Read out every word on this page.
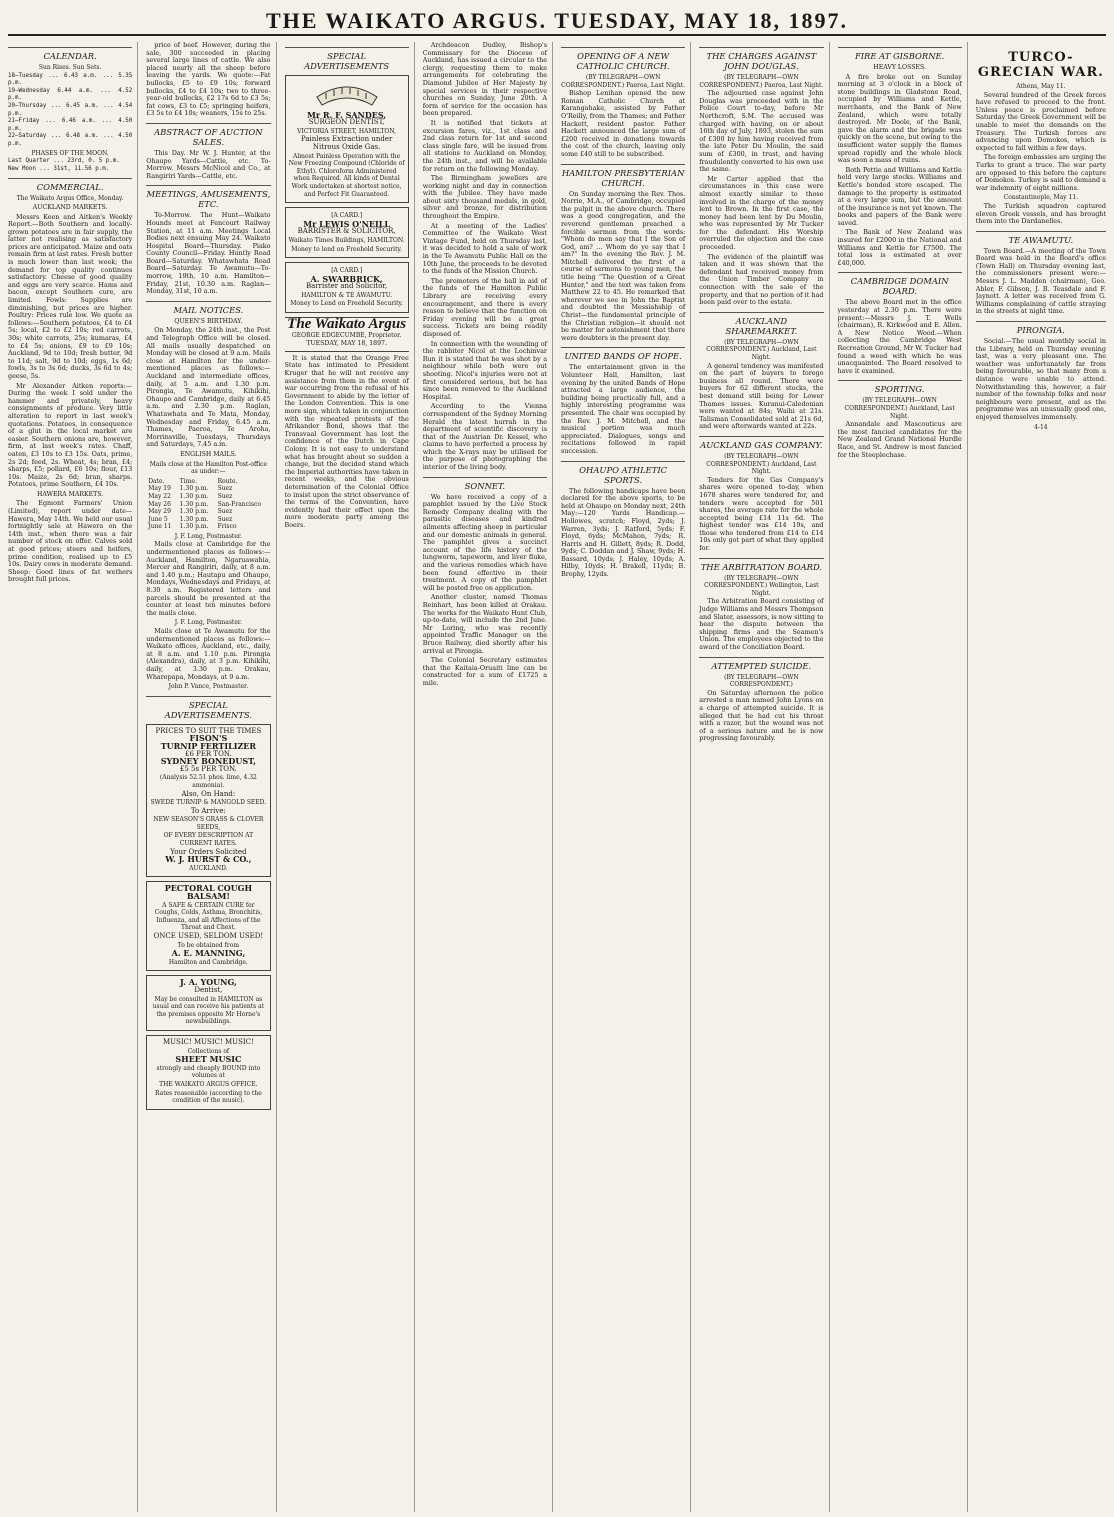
THE WAIKATO ARGUS. TUESDAY, MAY 18, 1897.
CALENDAR.
Sun Rises. Sun Sets.
18—Tuesday ... 6.43 a.m. ... 5.35 p.m.
19—Wednesday 6.44 a.m. ... 4.52 p.m.
20—Thursday ... 6.45 a.m. ... 4.54 p.m.
21—Friday ... 6.46 a.m. ... 4.50 p.m.
22—Saturday ... 6.48 a.m. ... 4.50 p.m.
PHASES OF THE MOON.
Last Quarter ... 23rd, 0. 5 p.m.
New Moon ... 31st, 11.56 p.m.
COMMERCIAL.
The Waikato Argus Office, Monday.
AUCKLAND MARKETS.

Messrs Keen and Aitken's Weekly Report.—Both Southern and locally-grown potatoes are in fair supply, the latter not realising as satisfactory prices are anticipated. Maize and oats remain firm at last rates. Fresh butter is much lower than last week; the demand for top quality continues satisfactory. Cheese of good quality and eggs are very scarce. Hams and bacon, except Southern cure, are limited. Fowls: Supplies are diminishing, but prices are higher. Poultry: Prices rule low. We quote as follows:—Southern potatoes, £4 to £4 5s; local, £2 to £2 10s; red carrots, 30s; white carrots, 25s; kumaras, £4 to £4 5s; onions, £9 to £9 10s; Auckland, 9d to 10d; fresh butter, 9d to 11d; salt, 9d to 10d; eggs, 1s 6d; fowls, 3s to 3s 6d; ducks, 3s 6d to 4s; geese, 5s.

Mr Alexander Aitken reports:—During the week I sold under the hammer and privately, heavy consignments of produce. Very little alteration to report in last week's quotations. Potatoes, in consequence of a glut in the local market are easier. Southern onions are, however, firm, at last week's rates. Chaff, oaten, £3 10s to £3 15s. Oats, prime, 2s 2d; feed, 2s. Wheat, 4s; bran, £4; sharps, £5; pollard, £6 10s; flour, £13 10s. Maize, 2s 6d; bran, sharps. Potatoes, prime Southern, £4 10s.

HAWERA MARKETS.

The Egmont Farmers' Union (Limited), report under date—Hawera, May 14th. We held our usual fortnightly sale at Hawera on the 14th inst., when there was a fair number of stock on offer. Calves sold at good prices; steers and heifers, prime condition, realised up to £5 10s. Dairy cows in moderate demand. Sheep: Good lines of fat wethers brought full prices.

price of beef. However, during the sale, 300 succeeded in placing several large lines of cattle. We also placed nearly all the sheep before leaving the yards. We quote:—Fat bullocks, £5 to £9 10s; forward bullocks, £4 to £4 10s; two to three-year-old bullocks, £2 17s 6d to £3 5s; fat cows, £3 to £5; springing heifers, £3 5s to £4 10s; weaners, 15s to 25s.

ABSTRACT OF AUCTION SALES.

This Day. Mr W. J. Hunter, at the Ohaupo Yards—Cattle, etc. To-Morrow. Messrs McNicol and Co., at Rangiriri Yards—Cattle, etc.

MEETINGS, AMUSEMENTS, ETC.

To-Morrow. The Hunt—Waikato Hounds meet at Fencourt Railway Station, at 11 a.m. Meetings Local Bodies next ensuing May 24. Waikato Hospital Board—Thursday. Piako County Council—Friday. Huntly Road Board—Saturday. Whatawhata Road Board—Saturday. Te Awamutu—To-morrow, 19th, 10 a.m. Hamilton—Friday, 21st, 10.30 a.m. Raglan—Monday, 31st, 10 a.m.

MAIL NOTICES.
QUEEN'S BIRTHDAY.

On Monday, the 24th inst., the Post and Telegraph Office will be closed. All mails usually despatched on Monday will be closed at 9 a.m. Mails close at Hamilton for the under-mentioned places as follows:—Auckland and intermediate offices, daily, at 5 a.m. and 1.30 p.m. Pirongia, Te Awamutu, Kihikihi, Ohaupo and Cambridge, daily at 6.45 a.m. and 2.30 p.m. Raglan, Whatawhata and Te Mata, Monday, Wednesday and Friday, 6.45 a.m. Thames, Paeroa, Te Aroha, Morrinsville, Tuesdays, Thursdays and Saturdays, 7.45 a.m.

ENGLISH MAILS.
Mails close at the Hamilton Post-office as under:—
Date.	Time.	Route.
May 19	1.30 p.m.	Suez
May 22	1.30 p.m.	Suez
May 26	1.30 p.m.	San-Francisco
May 29	1.30 p.m.	Suez
June 5	1.30 p.m.	Suez
June 11	1.30 p.m.	Frisco
J. F. Long, Postmaster.

Mails close at Cambridge for the undermentioned places as follows:—Auckland, Hamilton, Ngaruawahia, Mercer and Rangiriri, daily, at 8 a.m. and 1.40 p.m.; Hautapu and Ohaupo, Mondays, Wednesdays and Fridays, at 8.30 a.m. Registered letters and parcels should be presented at the counter at least ten minutes before the mails close.

J. F. Long, Postmaster.

Mails close at Te Awamutu for the undermentioned places as follows:—Waikato offices, Auckland, etc., daily, at 8 a.m. and 1.10 p.m. Pirongia (Alexandra), daily, at 3 p.m. Kihikihi, daily, at 3.30 p.m. Orakau, Wharepapa, Mondays, at 9 a.m.

John P. Vance, Postmaster.
SPECIAL ADVERTISEMENTS.
PRICES TO SUIT THE TIMES
FISON'S
TURNIP FERTILIZER
£6 PER TON.
SYDNEY BONEDUST,
£5 5s PER TON.
(Analysis 52.51 phos. lime, 4.32 ammonia).
Also, On Hand:
SWEDE TURNIP & MANGOLD SEED.
To Arrive:
NEW SEASON'S GRASS & CLOVER SEEDS,
OF EVERY DESCRIPTION AT CURRENT RATES.
Your Orders Solicited
W. J. HURST & CO.,
AUCKLAND.
PECTORAL COUGH
BALSAM!
A SAFE & CERTAIN CURE for Coughs, Colds, Asthma, Bronchitis, Influenza, and all Affections of the Throat and Chest.
ONCE USED, SELDOM USED!
To be obtained from
A. E. MANNING,
Hamilton and Cambridge.
J. A. YOUNG,
Dentist,
May be consulted in HAMILTON as usual and can receive his patients at the premises opposite Mr Horne's newsbuildings.
MUSIC! MUSIC! MUSIC!
Collections of
SHEET MUSIC
strongly and cheaply BOUND into volumes at
THE WAIKATO ARGUS OFFICE.
Rates reasonable (according to the condition of the music).
SPECIAL ADVERTISEMENTS
Mr R. F. SANDES,
SURGEON DENTIST,
VICTORIA STREET, HAMILTON,
Painless Extraction under Nitrous Oxide Gas.
Almost Painless Operation with the New Freezing Compound (Chloride of Ethyl). Chloroform Administered when Required. All kinds of Dental Work undertaken at shortest notice, and Perfect Fit Guaranteed.
[A CARD.]
Mr LEWIS O'NEILL
BARRISTER & SOLICITOR,
Waikato Times Buildings, HAMILTON.
Money to lend on Freehold Security.
[A CARD.]
A. SWARBRICK,
Barrister and Solicitor,
HAMILTON & TE AWAMUTU.
Money to Lend on Freehold Security.
The Waikato Argus
GEORGE EDGECUMBE, Proprietor.
TUESDAY, MAY 18, 1897.

It is stated that the Orange Free State has intimated to President Kruger that he will not receive any assistance from them in the event of war occurring from the refusal of his Government to abide by the letter of the London Convention. This is one more sign, which taken in conjunction with the repeated protests of the Afrikander Bond, shows that the Transvaal Government has lost the confidence of the Dutch in Cape Colony. It is not easy to understand what has brought about so sudden a change, but the decided stand which the Imperial authorities have taken in recent weeks, and the obvious determination of the Colonial Office to insist upon the strict observance of the terms of the Convention, have evidently had their effect upon the more moderate party among the Boers.

Archdeacon Dudley, Bishop's Commissary for the Diocese of Auckland, has issued a circular to the clergy, requesting them to make arrangements for celebrating the Diamond Jubilee of Her Majesty by special services in their respective churches on Sunday, June 20th. A form of service for the occasion has been prepared.

It is notified that tickets at excursion fares, viz., 1st class and 2nd class return for 1st and second class single fare, will be issued from all stations to Auckland on Monday, the 24th inst., and will be available for return on the following Monday.

The Birmingham jewellers are working night and day in connection with the Jubilee. They have made about sixty thousand medals, in gold, silver and bronze, for distribution throughout the Empire.

At a meeting of the Ladies' Committee of the Waikato West Vintage Fund, held on Thursday last, it was decided to hold a sale of work in the Te Awamutu Public Hall on the 10th June, the proceeds to be devoted to the funds of the Mission Church.

The promoters of the ball in aid of the funds of the Hamilton Public Library are receiving every encouragement, and there is every reason to believe that the function on Friday evening will be a great success. Tickets are being readily disposed of.

In connection with the wounding of the rabbiter Nicol at the Lochinvar Run it is stated that he was shot by a neighbour while both were out shooting. Nicol's injuries were not at first considered serious, but he has since been removed to the Auckland Hospital.

According to the Vienna correspondent of the Sydney Morning Herald the latest hurrah in the department of scientific discovery is that of the Austrian Dr. Kessel, who claims to have perfected a process by which the X-rays may be utilised for the purpose of photographing the interior of the living body.

SONNET.

We have received a copy of a pamphlet issued by the Live Stock Remedy Company dealing with the parasitic diseases and kindred ailments affecting sheep in particular and our domestic animals in general. The pamphlet gives a succinct account of the life history of the lungworm, tapeworm, and liver fluke, and the various remedies which have been found effective in their treatment. A copy of the pamphlet will be posted free on application.

Another cluster, named Thomas Reinhart, has been killed at Orakau. The works for the Waikato Hunt Club, up-to-date, will include the 2nd June. Mr Loring, who was recently appointed Traffic Manager on the Bruce Railway, died shortly after his arrival at Pirongia.

The Colonial Secretary estimates that the Kaitaia-Oruaiti line can be constructed for a sum of £1725 a mile.

OPENING OF A NEW CATHOLIC CHURCH.
(BY TELEGRAPH—OWN CORRESPONDENT.) Paeroa, Last Night.

Bishop Lenihan opened the new Roman Catholic Church at Karangahake, assisted by Father O'Reilly, from the Thames; and Father Hackett, resident pastor. Father Hackett announced the large sum of £200 received in donations towards the cost of the church, leaving only some £40 still to be subscribed.

HAMILTON PRESBYTERIAN CHURCH.

On Sunday morning the Rev. Thos. Norrie, M.A., of Cambridge, occupied the pulpit in the above church. There was a good congregation, and the reverend gentleman preached a forcible sermon from the words: "Whom do men say that I the Son of God, am? ... Whom do ye say that I am?" In the evening the Rev. J. M. Mitchell delivered the first of a course of sermons to young men, the title being "The Question of a Great Hunter," and the text was taken from Matthew 22 to 45. He remarked that wherever we see in John the Baptist and doubted the Messiahship of Christ—the fundamental principle of the Christian religion—it should not be matter for astonishment that there were doubters in the present day.

UNITED BANDS OF HOPE.

The entertainment given in the Volunteer Hall, Hamilton, last evening by the united Bands of Hope attracted a large audience, the building being practically full, and a highly interesting programme was presented. The chair was occupied by the Rev. J. M. Mitchell, and the musical portion was much appreciated. Dialogues, songs and recitations followed in rapid succession.

OHAUPO ATHLETIC SPORTS.

The following handicaps have been declared for the above sports, to be held at Ohaupo on Monday next, 24th May:—120 Yards Handicap.—Hollowes, scratch; Floyd, 2yds; J. Warren, 3yds; J. Ratford, 5yds; F. Floyd, 6yds; McMahon, 7yds; R. Harris and H. Gillett, 8yds; R. Dodd, 9yds; C. Doddan and J. Shaw, 9yds; H. Bassard, 10yds; J. Haley, 10yds; A. Hilby, 10yds; H. Brakell, 11yds; B. Brophy, 12yds.

THE CHARGES AGAINST JOHN DOUGLAS.
(BY TELEGRAPH—OWN CORRESPONDENT.) Paeroa, Last Night.

The adjourned case against John Douglas was proceeded with in the Police Court to-day, before Mr Northcroft, S.M. The accused was charged with having, on or about 16th day of July, 1893, stolen the sum of £300 by him having received from the late Peter Du Moulin, the said sum of £300, in trust, and having fraudulently converted to his own use the same.

Mr Carter applied that the circumstances in this case were almost exactly similar to those involved in the charge of the money lent to Brown. In the first case, the money had been lent by Du Moulin, who was represented by Mr Tucker for the defendant. His Worship overruled the objection and the case proceeded.

The evidence of the plaintiff was taken and it was shown that the defendant had received money from the Union Timber Company in connection with the sale of the property, and that no portion of it had been paid over to the estate.

AUCKLAND SHAREMARKET.
(BY TELEGRAPH—OWN CORRESPONDENT.) Auckland, Last Night.

A general tendency was manifested on the part of buyers to forego business all round. There were buyers for 62 different stocks, the best demand still being for Lower Thames issues. Kuranui-Caledonian were wanted at 84s; Waihi at 21s. Talisman Consolidated sold at 21s 6d, and were afterwards wanted at 22s.

AUCKLAND GAS COMPANY.
(BY TELEGRAPH—OWN CORRESPONDENT.) Auckland, Last Night.

Tenders for the Gas Company's shares were opened to-day, when 1678 shares were tendered for, and tenders were accepted for 501 shares, the average rate for the whole accepted being £14 11s 6d. The highest tender was £14 19s, and those who tendered from £14 to £14 10s only got part of what they applied for.

THE ARBITRATION BOARD.
(BY TELEGRAPH—OWN CORRESPONDENT.) Wellington, Last Night.

The Arbitration Board consisting of Judge Williams and Messrs Thompson and Slater, assessors, is now sitting to hear the dispute between the shipping firms and the Seamen's Union. The employees objected to the award of the Conciliation Board.

ATTEMPTED SUICIDE.
(BY TELEGRAPH—OWN CORRESPONDENT.)

On Saturday afternoon the police arrested a man named John Lyons on a charge of attempted suicide. It is alleged that he had cut his throat with a razor, but the wound was not of a serious nature and he is now progressing favourably.

FIRE AT GISBORNE.
HEAVY LOSSES.

A fire broke out on Sunday morning at 3 o'clock in a block of stone buildings in Gladstone Road, occupied by Williams and Kettle, merchants, and the Bank of New Zealand, which were totally destroyed. Mr Doole, of the Bank, gave the alarm and the brigade was quickly on the scene, but owing to the insufficient water supply the flames spread rapidly and the whole block was soon a mass of ruins.

Both Pettie and Williams and Kettle held very large stocks. Williams and Kettle's bonded store escaped. The damage to the property is estimated at a very large sum, but the amount of the insurance is not yet known. The books and papers of the Bank were saved.

The Bank of New Zealand was insured for £2000 in the National and Williams and Kettle for £7500. The total loss is estimated at over £40,000.

CAMBRIDGE DOMAIN BOARD.

The above Board met in the office yesterday at 2.30 p.m. There were present:—Messrs J. T. Wells (chairman), R. Kirkwood and E. Allen. A New Notice Wood.—When collecting the Cambridge West Recreation Ground, Mr W. Tucker had found a weed with which he was unacquainted. The Board resolved to have it examined.

SPORTING.
(BY TELEGRAPH—OWN CORRESPONDENT.) Auckland, Last Night.

Annandale and Mascouticus are the most fancied candidates for the New Zealand Grand National Hurdle Race, and St. Andrew is most fancied for the Steeplechase.

TURCO-GRECIAN WAR.
Athens, May 11.

Several hundred of the Greek forces have refused to proceed to the front. Unless peace is proclaimed before Saturday the Greek Government will be unable to meet the demands on the Treasury. The Turkish forces are advancing upon Domokos, which is expected to fall within a few days.

The foreign embassies are urging the Turks to grant a truce. The war party are opposed to this before the capture of Domokos. Turkey is said to demand a war indemnity of eight millions.

Constantinople, May 11.

The Turkish squadron captured eleven Greek vessels, and has brought them into the Dardanelles.

TE AWAMUTU.

Town Board.—A meeting of the Town Board was held in the Board's office (Town Hall) on Thursday evening last, the commissioners present were:—Messrs J. L. Madden (chairman), Geo. Abler, F. Gibson, J. B. Teasdale and F. Jaynott. A letter was received from G. Williams complaining of cattle straying in the streets at night time.

PIRONGIA.

Social.—The usual monthly social in the Library, held on Thursday evening last, was a very pleasant one. The weather was unfortunately far from being favourable, so that many from a distance were unable to attend. Notwithstanding this, however, a fair number of the township folks and near neighbours were present, and as the programme was an unusually good one, enjoyed themselves immensely.

4-14
